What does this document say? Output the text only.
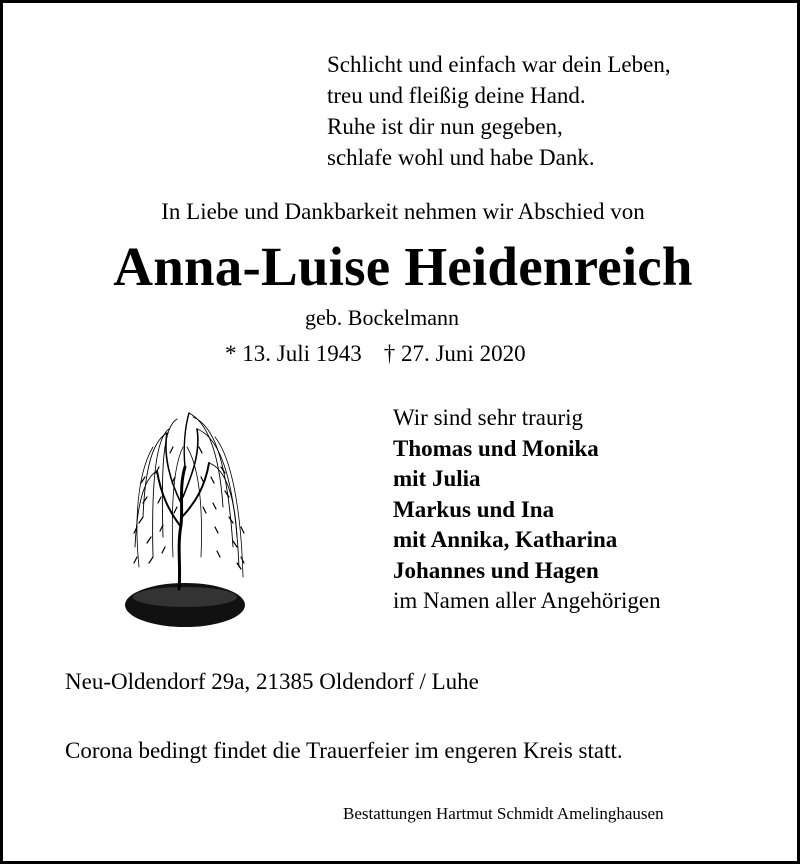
Schlicht und einfach war dein Leben,
treu und fleißig deine Hand.
Ruhe ist dir nun gegeben,
schlafe wohl und habe Dank.
In Liebe und Dankbarkeit nehmen wir Abschied von
Anna-Luise Heidenreich
geb. Bockelmann
* 13. Juli 1943 † 27. Juni 2020
Wir sind sehr traurig
Thomas und Monika
mit Julia
Markus und Ina
mit Annika, Katharina
Johannes und Hagen
im Namen aller Angehörigen
Neu-Oldendorf 29a, 21385 Oldendorf / Luhe
Corona bedingt findet die Trauerfeier im engeren Kreis statt.
Bestattungen Hartmut Schmidt Amelinghausen
